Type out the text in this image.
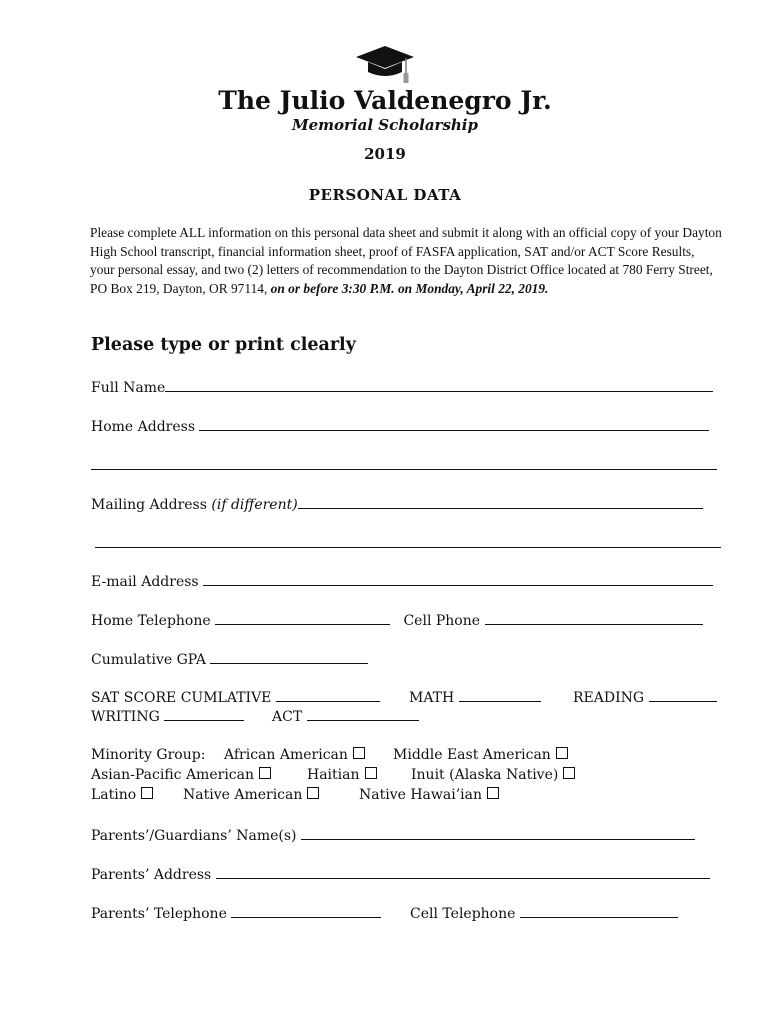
The Julio Valdenegro Jr.
Memorial Scholarship
2019
PERSONAL DATA
Please complete ALL information on this personal data sheet and submit it along with an official copy of your Dayton High School transcript, financial information sheet, proof of FASFA application, SAT and/or ACT Score Results, your personal essay, and two (2) letters of recommendation to the Dayton District Office located at 780 Ferry Street, PO Box 219, Dayton, OR 97114, on or before 3:30 P.M. on Monday, April 22, 2019.
Please type or print clearly
Full Name
Home Address
Mailing Address (if different)
E-mail Address
Home Telephone	Cell Phone
Cumulative GPA
SAT SCORE CUMLATIVE	MATH	READING
WRITING	ACT
Minority Group: African American	Middle East American
Asian-Pacific American	Haitian	Inuit (Alaska Native)
Latino	Native American	Native Hawai’ian
Parents’/Guardians’ Name(s)
Parents’ Address
Parents’ Telephone	Cell Telephone
